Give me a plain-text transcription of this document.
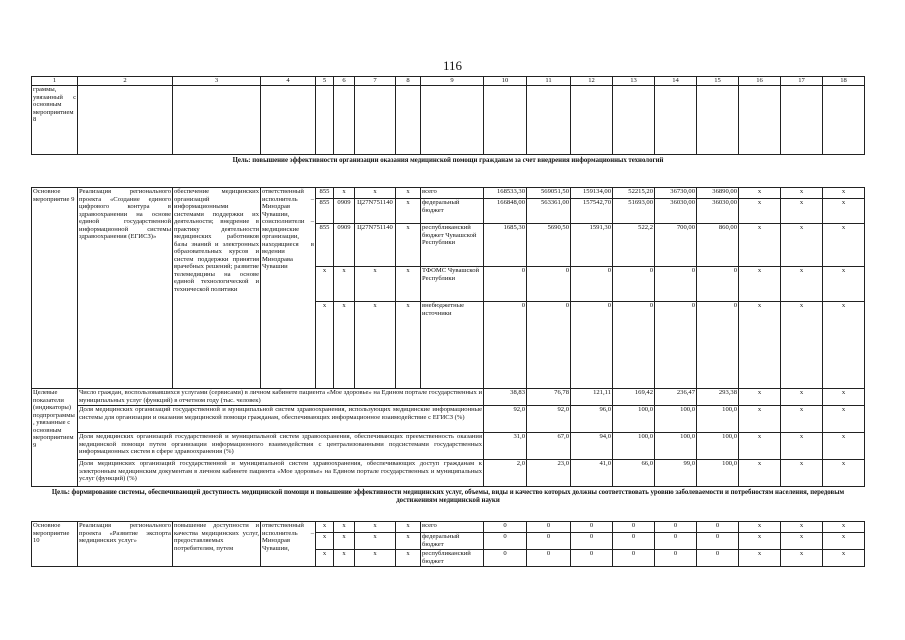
116
1	2	3	4	5	6	7	8	9	10	11	12	13	14	15	16	17	18
граммы, увязанный с основным мероприятием 8																	
Цель: повышение эффективности организации оказания медицинской помощи гражданам за счет внедрения информационных технологий																	
Основное мероприятие 9	Реализация регионального проекта «Создание единого цифрового контура в здравоохранении на основе единой государственной информационной системы здравоохранения (ЕГИСЗ)»	обеспечение медицинских организаций информационными системами поддержки их деятельности; внедрение в практику деятельности медицинских работников базы знаний и электронных образовательных курсов и систем поддержки принятия врачебных решений; развитие телемедицины на основе единой технологической и технической политики	ответственный исполнитель – Минздрав Чувашии, соисполнители – медицинские организации, находящиеся в ведении Минздрава Чувашии	855	x	x	x	всего	168533,30	569051,50	159134,00	52215,20	36730,00	36890,00	x	x	x
				855	0909	Ц27N751140	x	федеральный бюджет	166848,00	563361,00	157542,70	51693,00	36030,00	36030,00	x	x	x
				855	0909	Ц27N751140	x	республиканский бюджет Чувашской Республики	1685,30	5690,50	1591,30	522,2	700,00	860,00	x	x	x
				x	x	x	x	ТФОМС Чувашской Республики	0	0	0	0	0	0	x	x	x
				x	x	x	x	внебюджетные источники	0	0	0	0	0	0	x	x	x
Целевые показатели (индикаторы) подпрограммы, увязанные с основным мероприятием 9	Число граждан, воспользовавшихся услугами (сервисами) в личном кабинете пациента «Мое здоровье» на Едином портале государственных и муниципальных услуг (функций) в отчетном году (тыс. человек)								38,83	76,78	121,11	169,42	236,47	293,38	x	x	x
	Доля медицинских организаций государственной и муниципальной систем здравоохранения, использующих медицинские информационные системы для организации и оказания медицинской помощи гражданам, обеспечивающих информационное взаимодействие с ЕГИСЗ (%)								92,0	92,0	96,0	100,0	100,0	100,0	x	x	x
	Доля медицинских организаций государственной и муниципальной систем здравоохранения, обеспечивающих преемственность оказания медицинской помощи путем организации информационного взаимодействия с централизованными подсистемами государственных информационных систем в сфере здравоохранения (%)								31,0	67,0	94,0	100,0	100,0	100,0	x	x	x
	Доля медицинских организаций государственной и муниципальной систем здравоохранения, обеспечивающих доступ гражданам к электронным медицинским документам в личном кабинете пациента «Мое здоровье» на Едином портале государственных и муниципальных услуг (функций) (%)								2,0	23,0	41,0	66,0	99,0	100,0	x	x	x
Цель: формирование системы, обеспечивающей доступность медицинской помощи и повышение эффективности медицинских услуг, объемы, виды и качество которых должны соответствовать уровню заболеваемости и потребностям населения, передовым достижениям медицинской науки																	
Основное мероприятие 10	Реализация регионального проекта «Развитие экспорта медицинских услуг»	повышение доступности и качества медицинских услуг, предоставляемых потребителям, путем	ответственный исполнитель – Минздрав Чувашии,	x	x	x	x	всего	0	0	0	0	0	0	x	x	x
				x	x	x	x	федеральный бюджет	0	0	0	0	0	0	x	x	x
				x	x	x	x	республиканский бюджет	0	0	0	0	0	0	x	x	x
